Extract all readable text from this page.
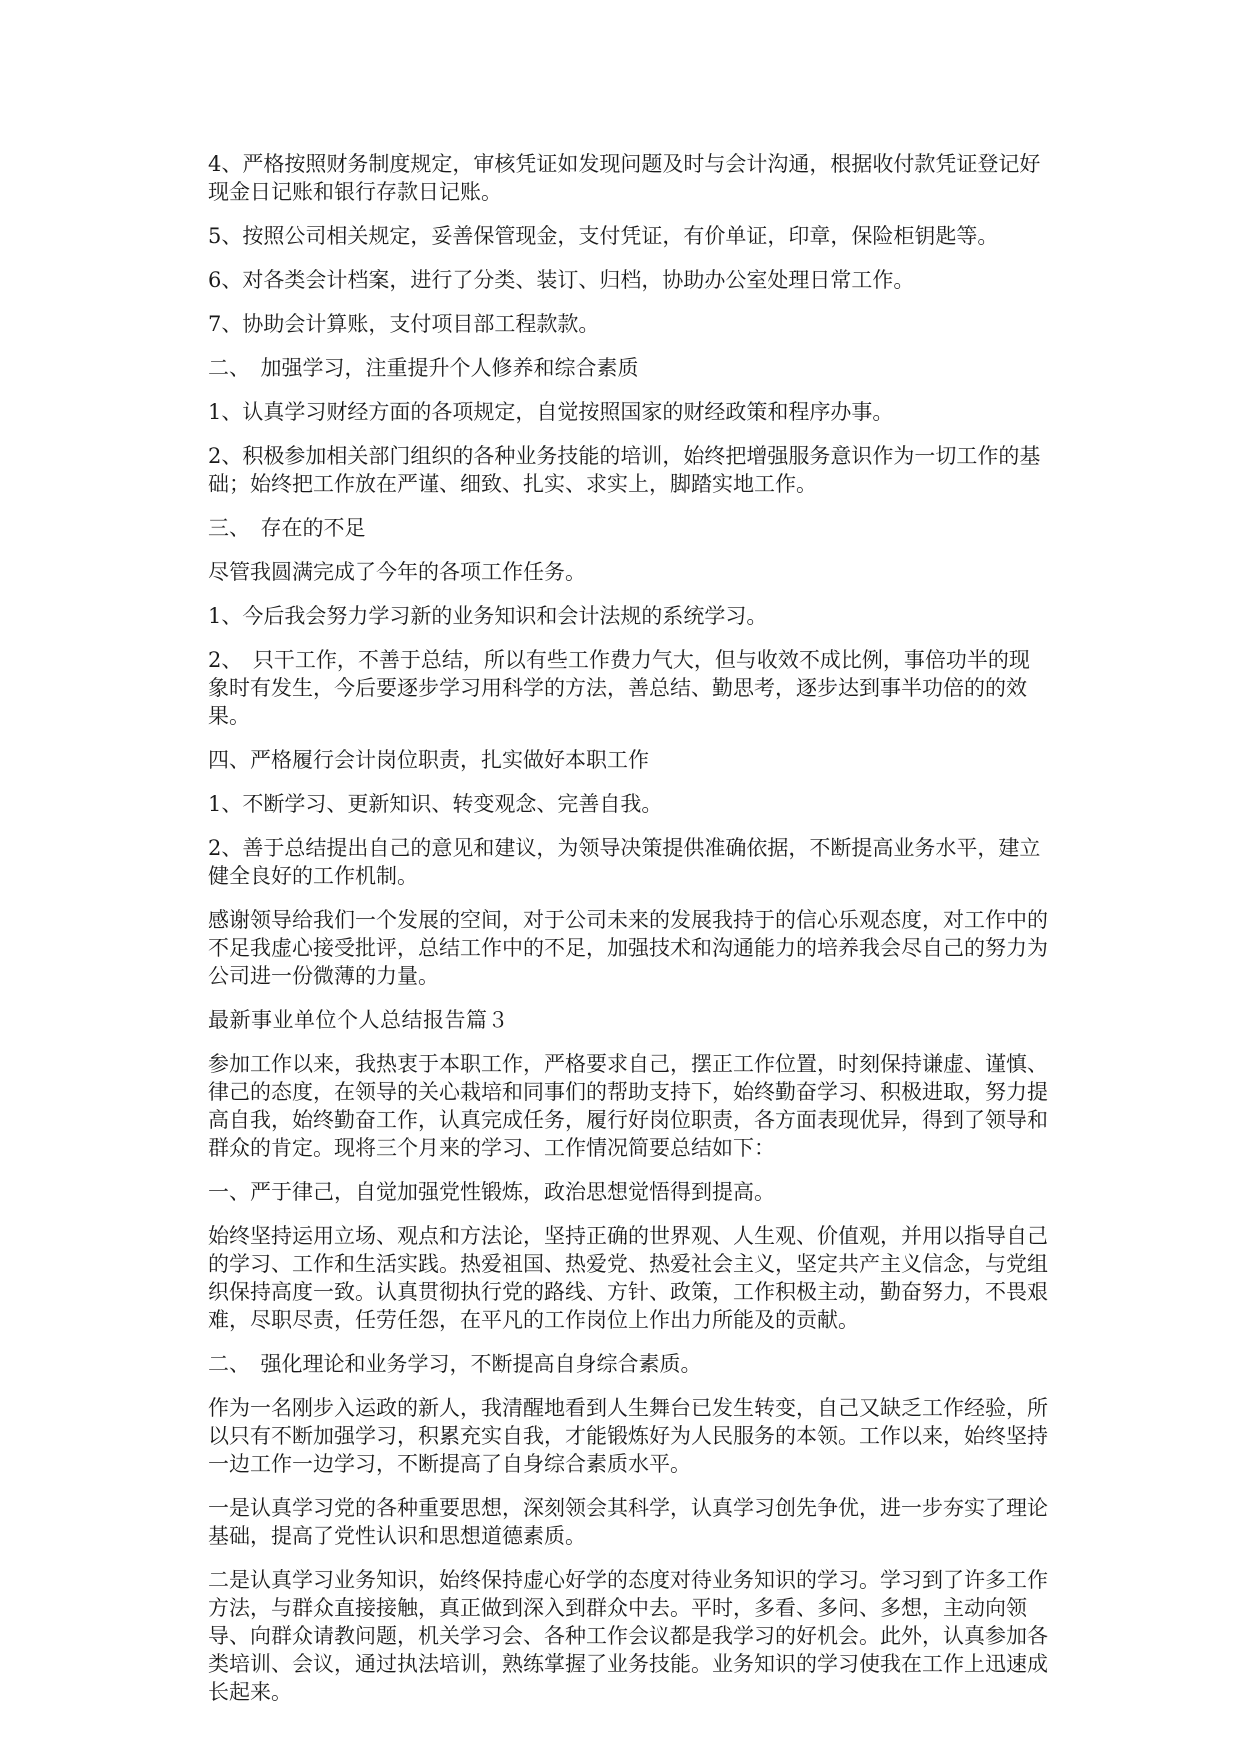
4、严格按照财务制度规定，审核凭证如发现问题及时与会计沟通，根据收付款凭证登记好现金日记账和银行存款日记账。

5、按照公司相关规定，妥善保管现金，支付凭证，有价单证，印章，保险柜钥匙等。

6、对各类会计档案，进行了分类、装订、归档，协助办公室处理日常工作。

7、协助会计算账，支付项目部工程款款。

二、　加强学习，注重提升个人修养和综合素质

1、认真学习财经方面的各项规定，自觉按照国家的财经政策和程序办事。

2、积极参加相关部门组织的各种业务技能的培训，始终把增强服务意识作为一切工作的基础；始终把工作放在严谨、细致、扎实、求实上，脚踏实地工作。

三、　存在的不足

尽管我圆满完成了今年的各项工作任务。

1、今后我会努力学习新的业务知识和会计法规的系统学习。

2、　只干工作，不善于总结，所以有些工作费力气大，但与收效不成比例，事倍功半的现　象时有发生，今后要逐步学习用科学的方法，善总结、勤思考，逐步达到事半功倍的的效果。

四、严格履行会计岗位职责，扎实做好本职工作

1、不断学习、更新知识、转变观念、完善自我。

2、善于总结提出自己的意见和建议，为领导决策提供准确依据，不断提高业务水平，建立健全良好的工作机制。

感谢领导给我们一个发展的空间，对于公司未来的发展我持于的信心乐观态度，对工作中的不足我虚心接受批评，总结工作中的不足，加强技术和沟通能力的培养我会尽自己的努力为公司进一份微薄的力量。

最新事业单位个人总结报告篇３

参加工作以来，我热衷于本职工作，严格要求自己，摆正工作位置，时刻保持谦虚、谨慎、律己的态度，在领导的关心栽培和同事们的帮助支持下，始终勤奋学习、积极进取，努力提高自我，始终勤奋工作，认真完成任务，履行好岗位职责，各方面表现优异，得到了领导和群众的肯定。现将三个月来的学习、工作情况简要总结如下：

一、严于律己，自觉加强党性锻炼，政治思想觉悟得到提高。

始终坚持运用立场、观点和方法论，坚持正确的世界观、人生观、价值观，并用以指导自己的学习、工作和生活实践。热爱祖国、热爱党、热爱社会主义，坚定共产主义信念，与党组织保持高度一致。认真贯彻执行党的路线、方针、政策，工作积极主动，勤奋努力，不畏艰难，尽职尽责，任劳任怨，在平凡的工作岗位上作出力所能及的贡献。

二、　强化理论和业务学习，不断提高自身综合素质。

作为一名刚步入运政的新人，我清醒地看到人生舞台已发生转变，自己又缺乏工作经验，所以只有不断加强学习，积累充实自我，才能锻炼好为人民服务的本领。工作以来，始终坚持一边工作一边学习，不断提高了自身综合素质水平。

一是认真学习党的各种重要思想，深刻领会其科学，认真学习创先争优，进一步夯实了理论基础，提高了党性认识和思想道德素质。

二是认真学习业务知识，始终保持虚心好学的态度对待业务知识的学习。学习到了许多工作方法，与群众直接接触，真正做到深入到群众中去。平时，多看、多问、多想，主动向领导、向群众请教问题，机关学习会、各种工作会议都是我学习的好机会。此外，认真参加各类培训、会议，通过执法培训，熟练掌握了业务技能。业务知识的学习使我在工作上迅速成长起来。
